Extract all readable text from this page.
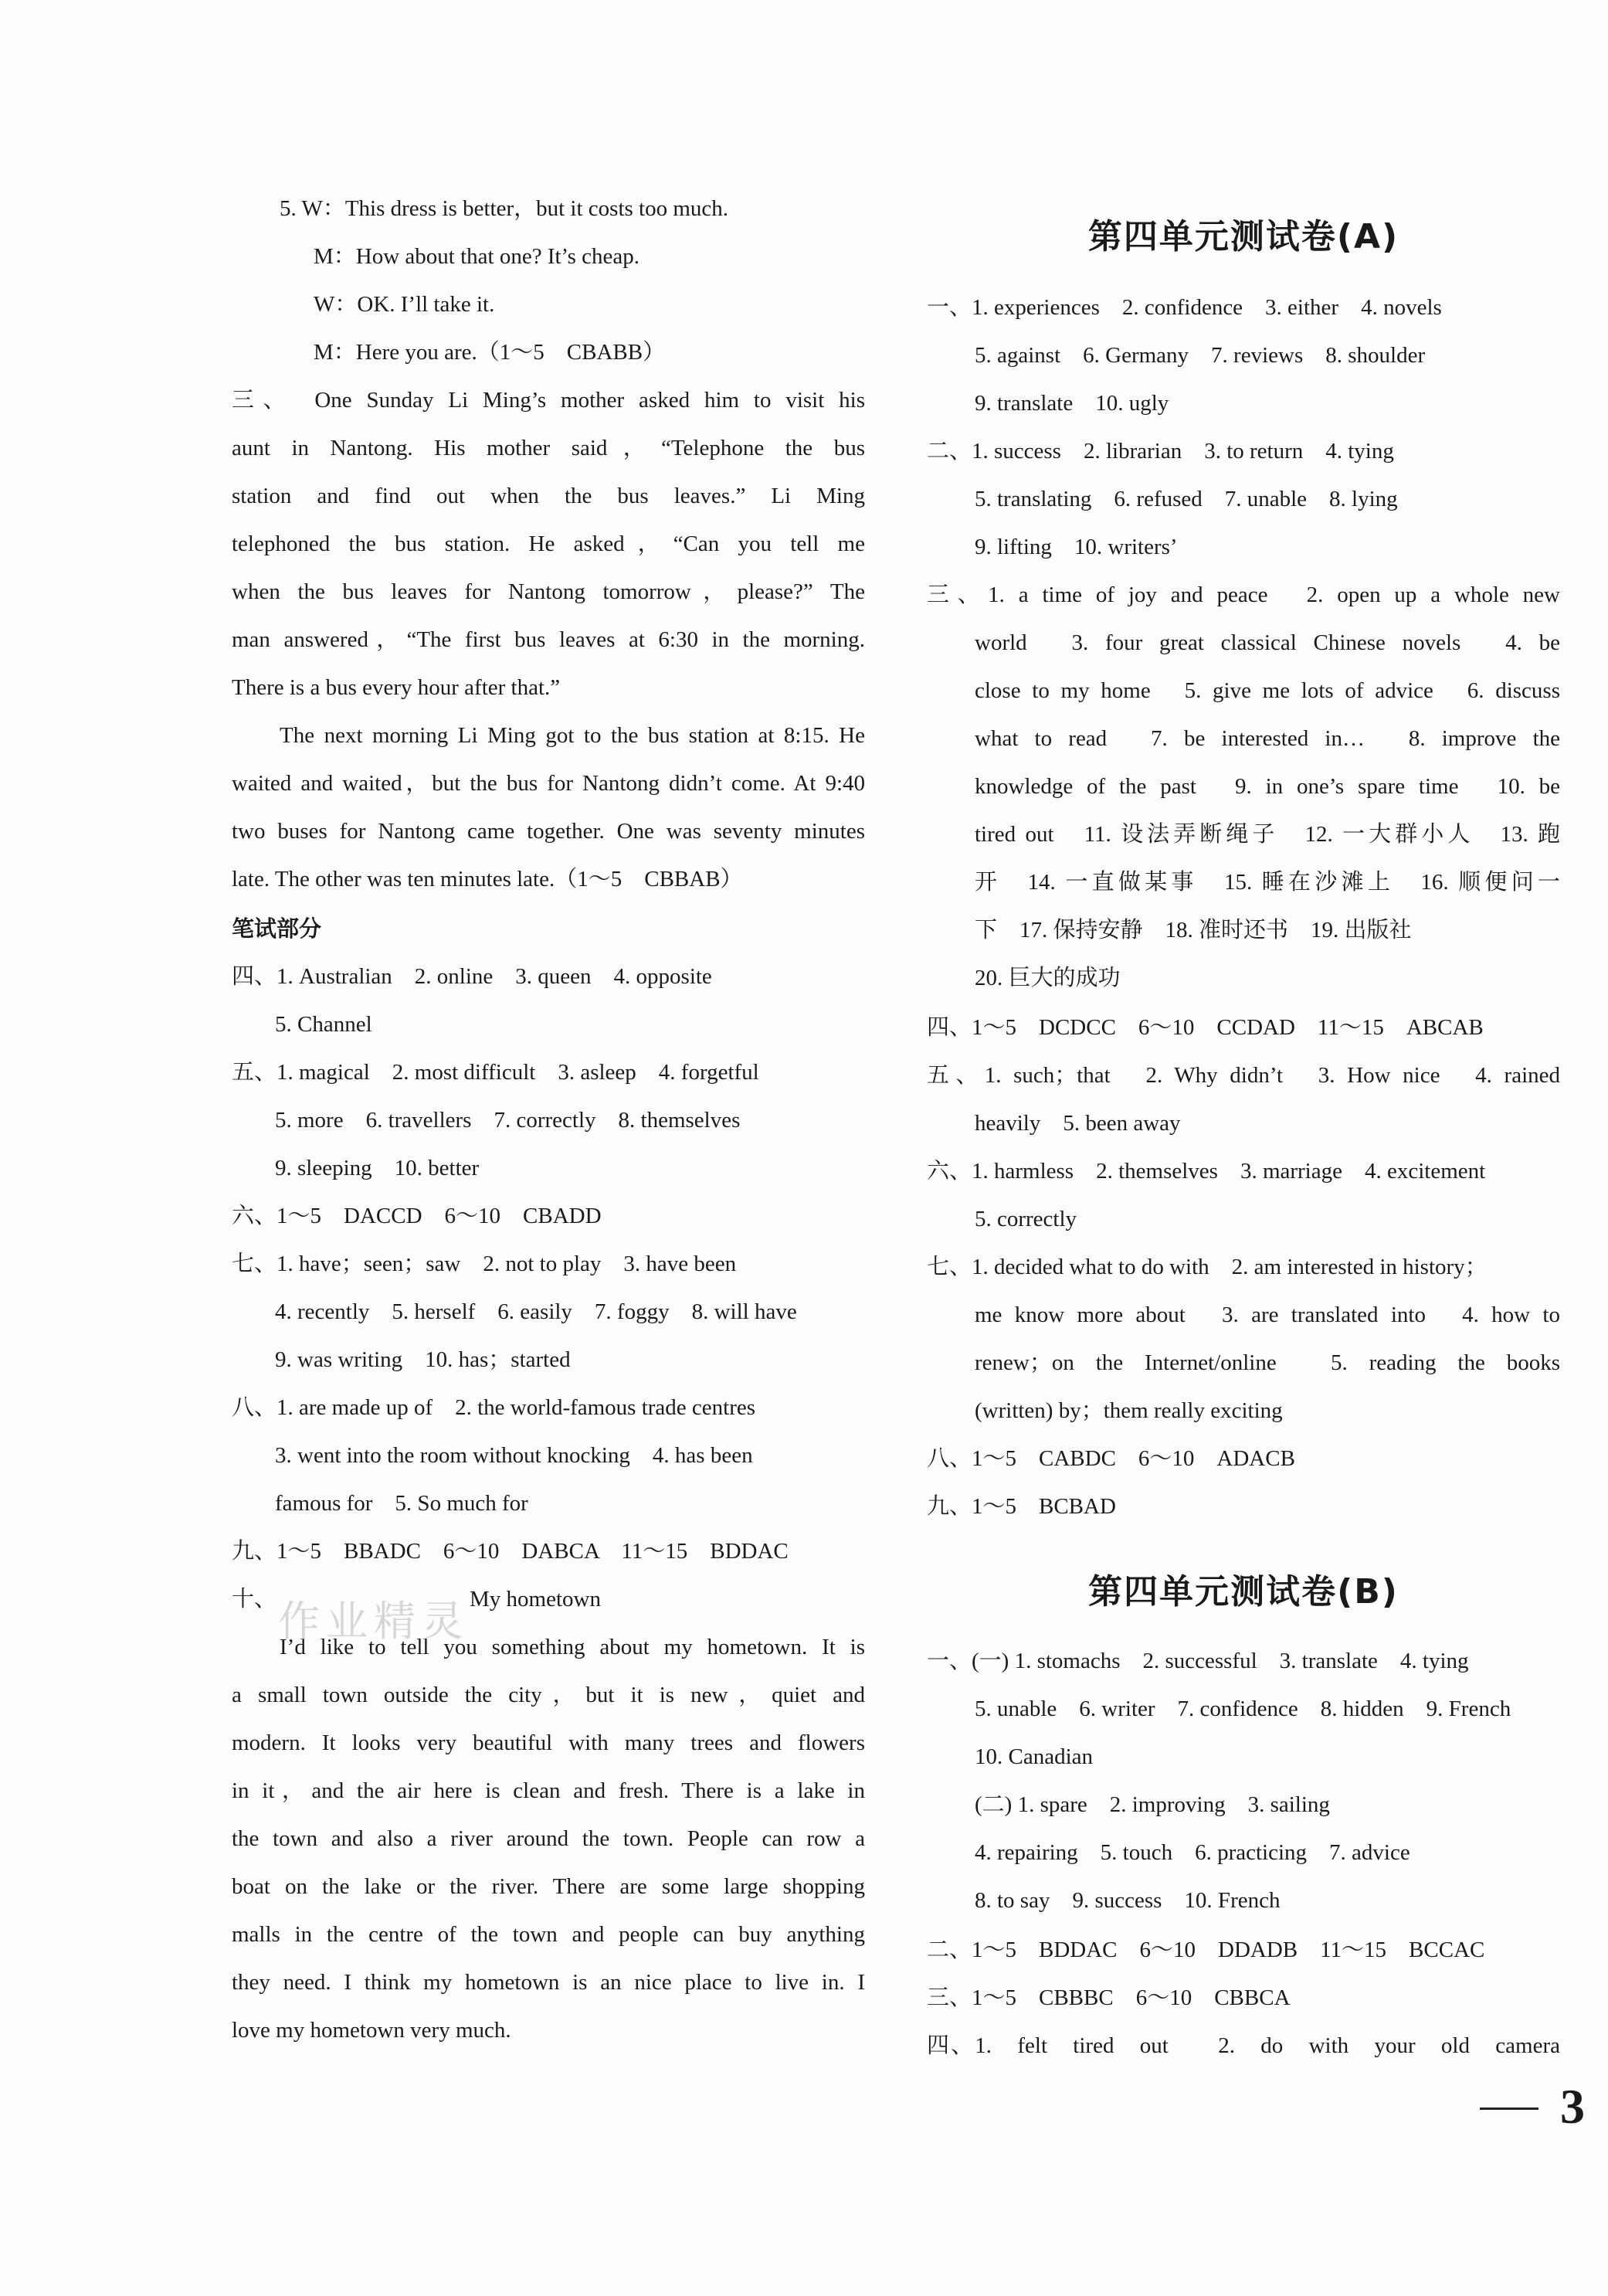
5. W：This dress is better，but it costs too much.
M：How about that one? It’s cheap.
W：OK. I’ll take it.
M：Here you are.（1～5　CBABB）
三、　One Sunday Li Ming’s mother asked him to visit his
aunt in Nantong. His mother said，“Telephone the bus
station and find out when the bus leaves.” Li Ming
telephoned the bus station. He asked，“Can you tell me
when the bus leaves for Nantong tomorrow，please?” The
man answered，“The first bus leaves at 6:30 in the morning.
There is a bus every hour after that.”
The next morning Li Ming got to the bus station at 8:15. He
waited and waited，but the bus for Nantong didn’t come. At 9:40
two buses for Nantong came together. One was seventy minutes
late. The other was ten minutes late.（1～5　CBBAB）
笔试部分
四、1. Australian　2. online　3. queen　4. opposite
5. Channel
五、1. magical　2. most difficult　3. asleep　4. forgetful
5. more　6. travellers　7. correctly　8. themselves
9. sleeping　10. better
六、1～5　DACCD　6～10　CBADD
七、1. have；seen；saw　2. not to play　3. have been
4. recently　5. herself　6. easily　7. foggy　8. will have
9. was writing　10. has；started
八、1. are made up of　2. the world-famous trade centres
3. went into the room without knocking　4. has been
famous for　5. So much for
九、1～5　BBADC　6～10　DABCA　11～15　BDDAC
十、	My hometown
I’d like to tell you something about my hometown. It is
a small town outside the city，but it is new，quiet and
modern. It looks very beautiful with many trees and flowers
in it，and the air here is clean and fresh. There is a lake in
the town and also a river around the town. People can row a
boat on the lake or the river. There are some large shopping
malls in the centre of the town and people can buy anything
they need. I think my hometown is an nice place to live in. I
love my hometown very much.
作业精灵
第四单元测试卷(A)
一、1. experiences　2. confidence　3. either　4. novels
5. against　6. Germany　7. reviews　8. shoulder
9. translate　10. ugly
二、1. success　2. librarian　3. to return　4. tying
5. translating　6. refused　7. unable　8. lying
9. lifting　10. writers’
三、1. a time of joy and peace　2. open up a whole new
world　3. four great classical Chinese novels　4. be
close to my home　5. give me lots of advice　6. discuss
what to read　7. be interested in…　8. improve the
knowledge of the past　9. in one’s spare time　10. be
tired out　11. 设法弄断绳子　12. 一大群小人　13. 跑
开　14. 一直做某事　15. 睡在沙滩上　16. 顺便问一
下　17. 保持安静　18. 准时还书　19. 出版社
20. 巨大的成功
四、1～5　DCDCC　6～10　CCDAD　11～15　ABCAB
五、1. such；that　2. Why didn’t　3. How nice　4. rained
heavily　5. been away
六、1. harmless　2. themselves　3. marriage　4. excitement
5. correctly
七、1. decided what to do with　2. am interested in history；
me know more about　3. are translated into　4. how to
renew；on the Internet/online　5. reading the books
(written) by；them really exciting
八、1～5　CABDC　6～10　ADACB
九、1～5　BCBAD
第四单元测试卷(B)
一、(一) 1. stomachs　2. successful　3. translate　4. tying
5. unable　6. writer　7. confidence　8. hidden　9. French
10. Canadian
(二) 1. spare　2. improving　3. sailing
4. repairing　5. touch　6. practicing　7. advice
8. to say　9. success　10. French
二、1～5　BDDAC　6～10　DDADB　11～15　BCCAC
三、1～5　CBBBC　6～10　CBBCA
四、1.　felt　tired　out　　2.　do　with　your　old　camera
3
